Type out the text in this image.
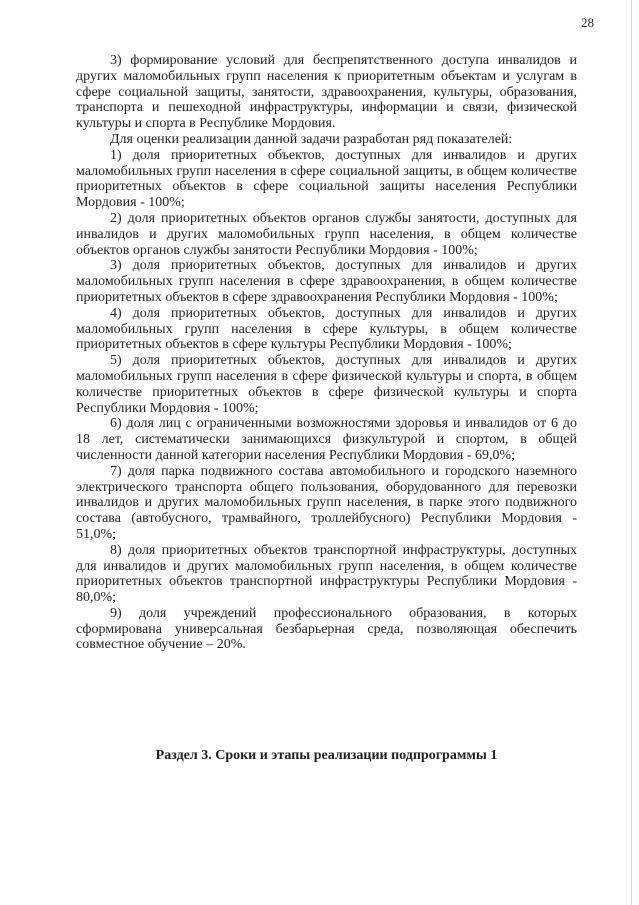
28

3) формирование условий для беспрепятственного доступа инвалидов и других маломобильных групп населения к приоритетным объектам и услугам в сфере социальной защиты, занятости, здравоохранения, культуры, образования, транспорта и пешеходной инфраструктуры, информации и связи, физической культуры и спорта в Республике Мордовия.

Для оценки реализации данной задачи разработан ряд показателей:

1) доля приоритетных объектов, доступных для инвалидов и других маломобильных групп населения в сфере социальной защиты, в общем количестве приоритетных объектов в сфере социальной защиты населения Республики Мордовия - 100%;

2) доля приоритетных объектов органов службы занятости, доступных для инвалидов и других маломобильных групп населения, в общем количестве объектов органов службы занятости Республики Мордовия - 100%;

3) доля приоритетных объектов, доступных для инвалидов и других маломобильных групп населения в сфере здравоохранения, в общем количестве приоритетных объектов в сфере здравоохранения Республики Мордовия - 100%;

4) доля приоритетных объектов, доступных для инвалидов и других маломобильных групп населения в сфере культуры, в общем количестве приоритетных объектов в сфере культуры Республики Мордовия - 100%;

5) доля приоритетных объектов, доступных для инвалидов и других маломобильных групп населения в сфере физической культуры и спорта, в общем количестве приоритетных объектов в сфере физической культуры и спорта Республики Мордовия - 100%;

6) доля лиц с ограниченными возможностями здоровья и инвалидов от 6 до 18 лет, систематически занимающихся физкультурой и спортом, в общей численности данной категории населения Республики Мордовия - 69,0%;

7) доля парка подвижного состава автомобильного и городского наземного электрического транспорта общего пользования, оборудованного для перевозки инвалидов и других маломобильных групп населения, в парке этого подвижного состава (автобусного, трамвайного, троллейбусного) Республики Мордовия - 51,0%;

8) доля приоритетных объектов транспортной инфраструктуры, доступных для инвалидов и других маломобильных групп населения, в общем количестве приоритетных объектов транспортной инфраструктуры Республики Мордовия - 80,0%;

9) доля учреждений профессионального образования, в которых сформирована универсальная безбарьерная среда, позволяющая обеспечить совместное обучение – 20%.

Раздел 3. Сроки и этапы реализации подпрограммы 1
